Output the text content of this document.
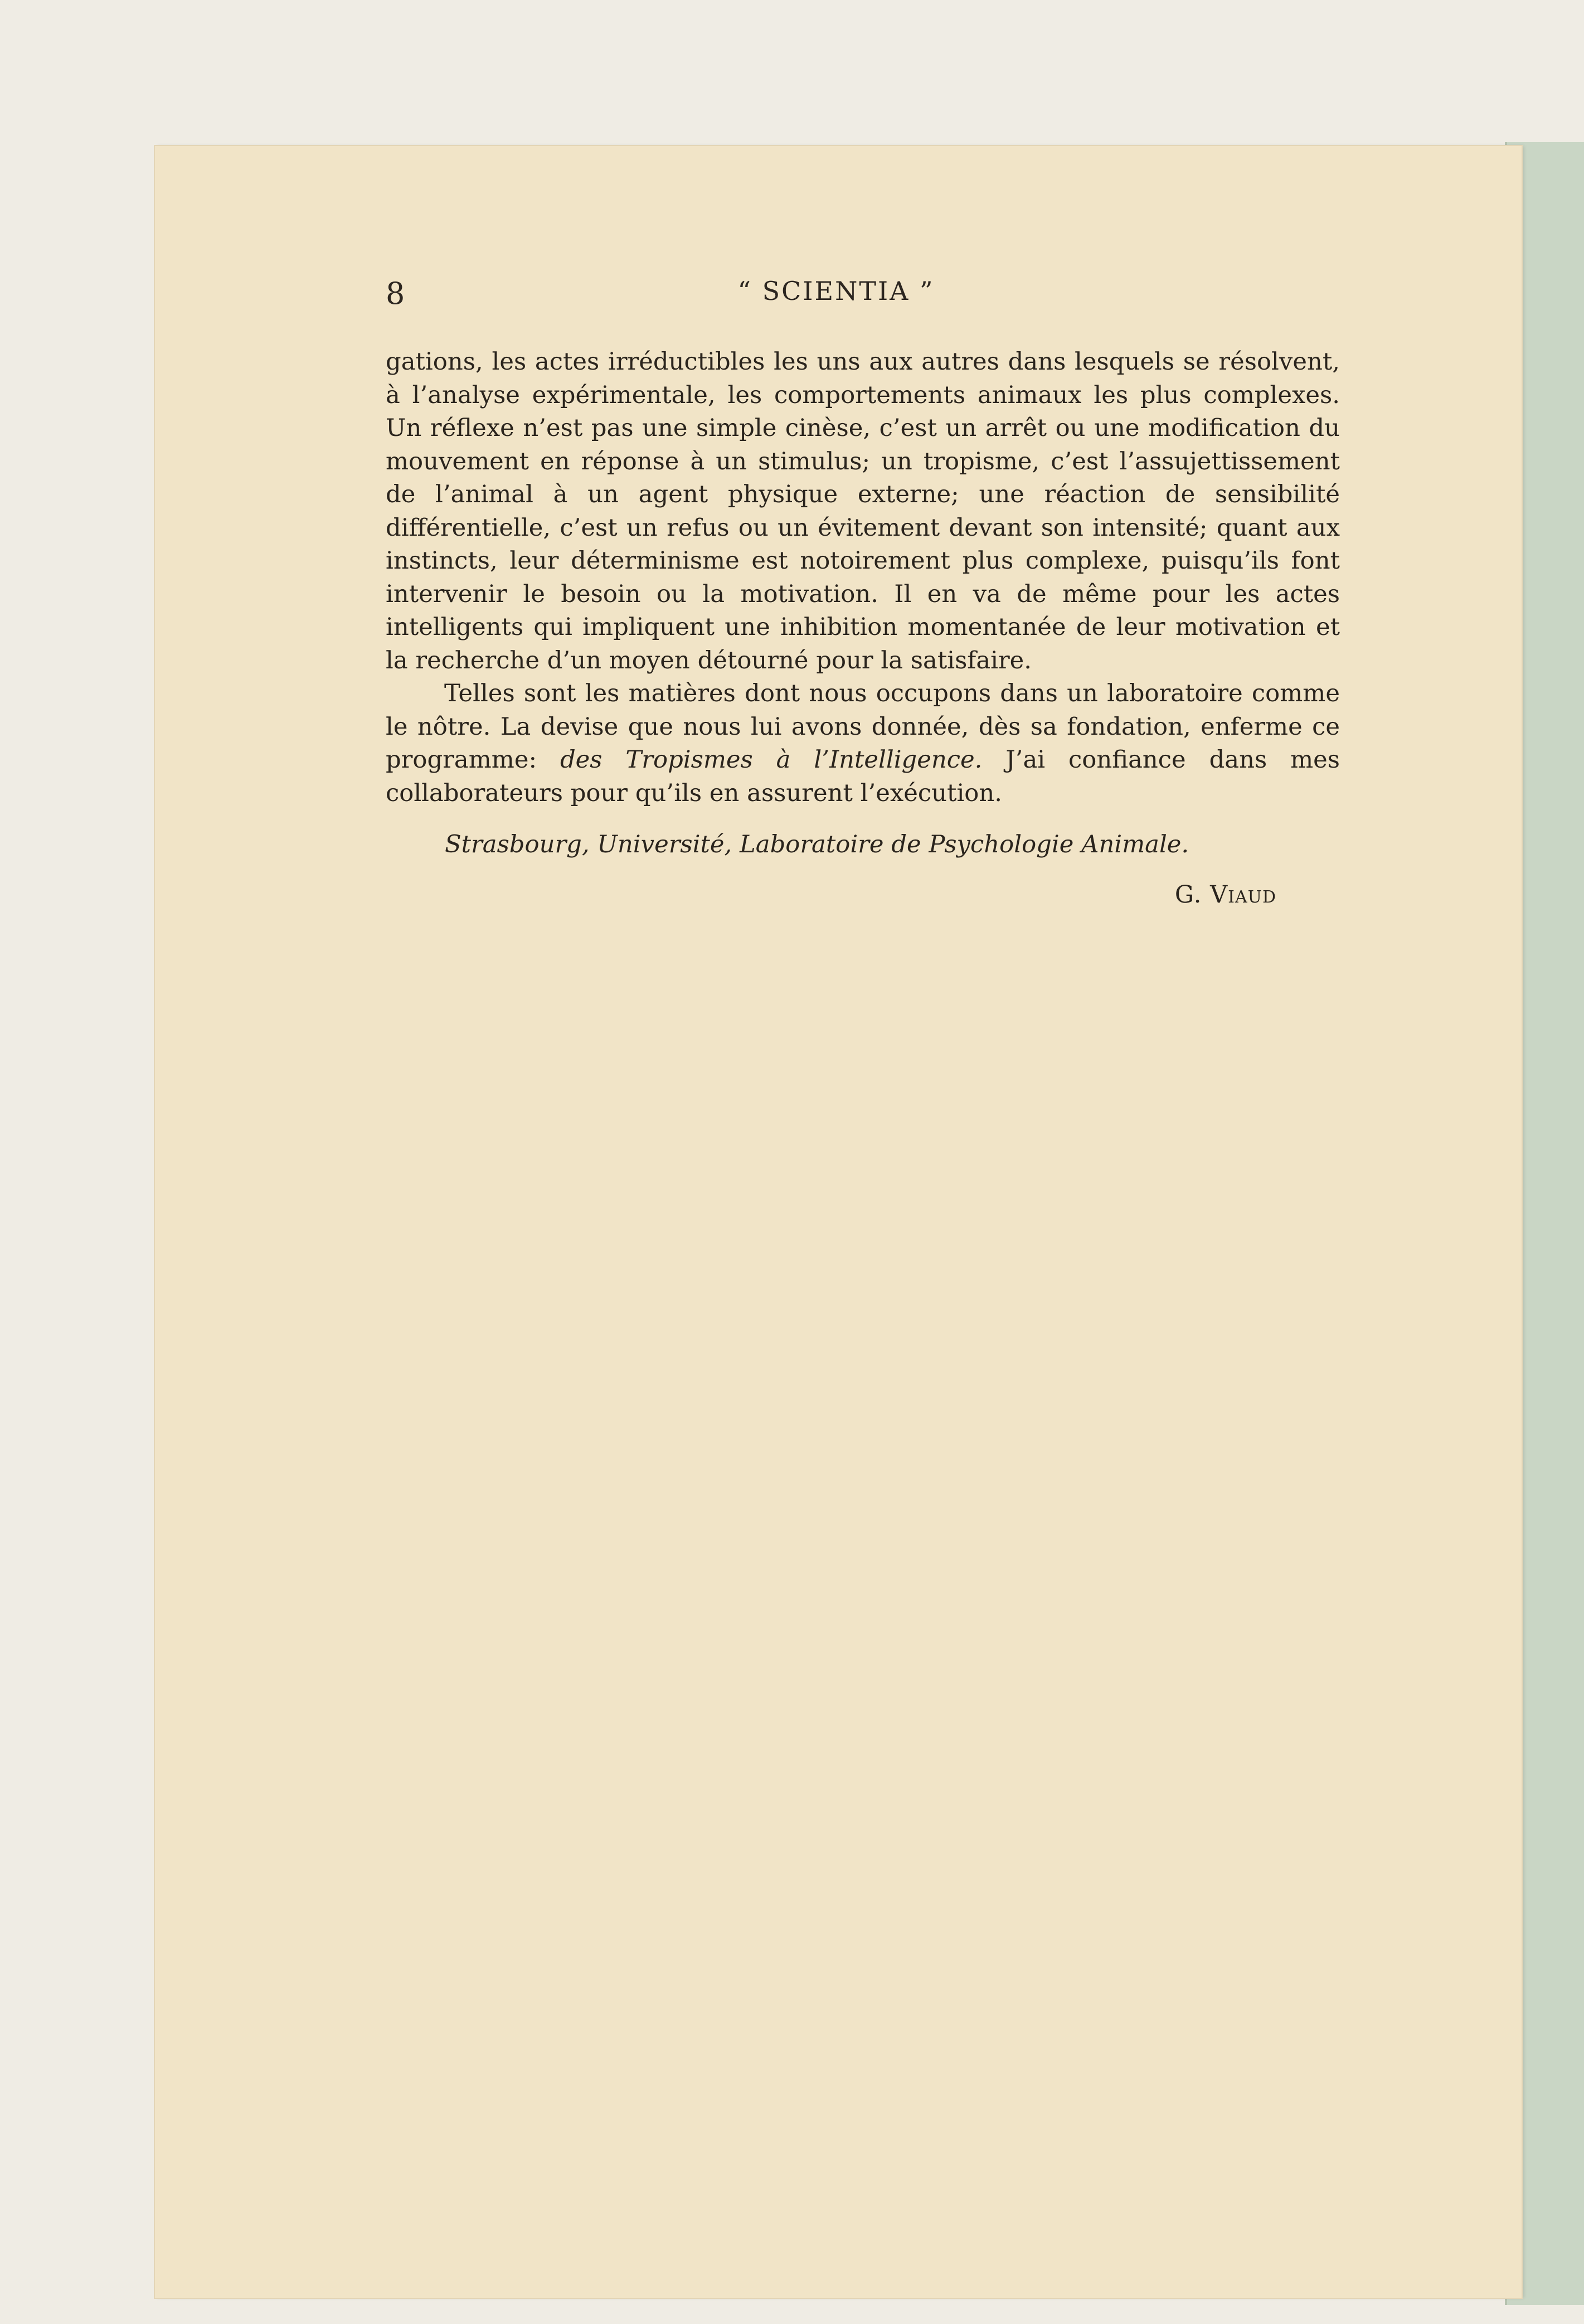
8	“ SCIENTIA ”

gations, les actes irréductibles les uns aux autres dans lesquels se résolvent, à l’analyse expérimentale, les comportements animaux les plus complexes. Un réflexe n’est pas une simple cinèse, c’est un arrêt ou une modification du mouvement en réponse à un stimulus; un tropisme, c’est l’assujettissement de l’animal à un agent physique externe; une réaction de sensibilité différentielle, c’est un refus ou un évitement devant son intensité; quant aux instincts, leur déterminisme est notoirement plus complexe, puisqu’ils font intervenir le besoin ou la motivation. Il en va de même pour les actes intelligents qui impliquent une inhibition momentanée de leur motivation et la recherche d’un moyen détourné pour la satisfaire.

Telles sont les matières dont nous occupons dans un laboratoire comme le nôtre. La devise que nous lui avons donnée, dès sa fondation, enferme ce programme: des Tropismes à l’Intelligence. J’ai confiance dans mes collaborateurs pour qu’ils en assurent l’exécution.

Strasbourg, Université, Laboratoire de Psychologie Animale.
G. Viaud
